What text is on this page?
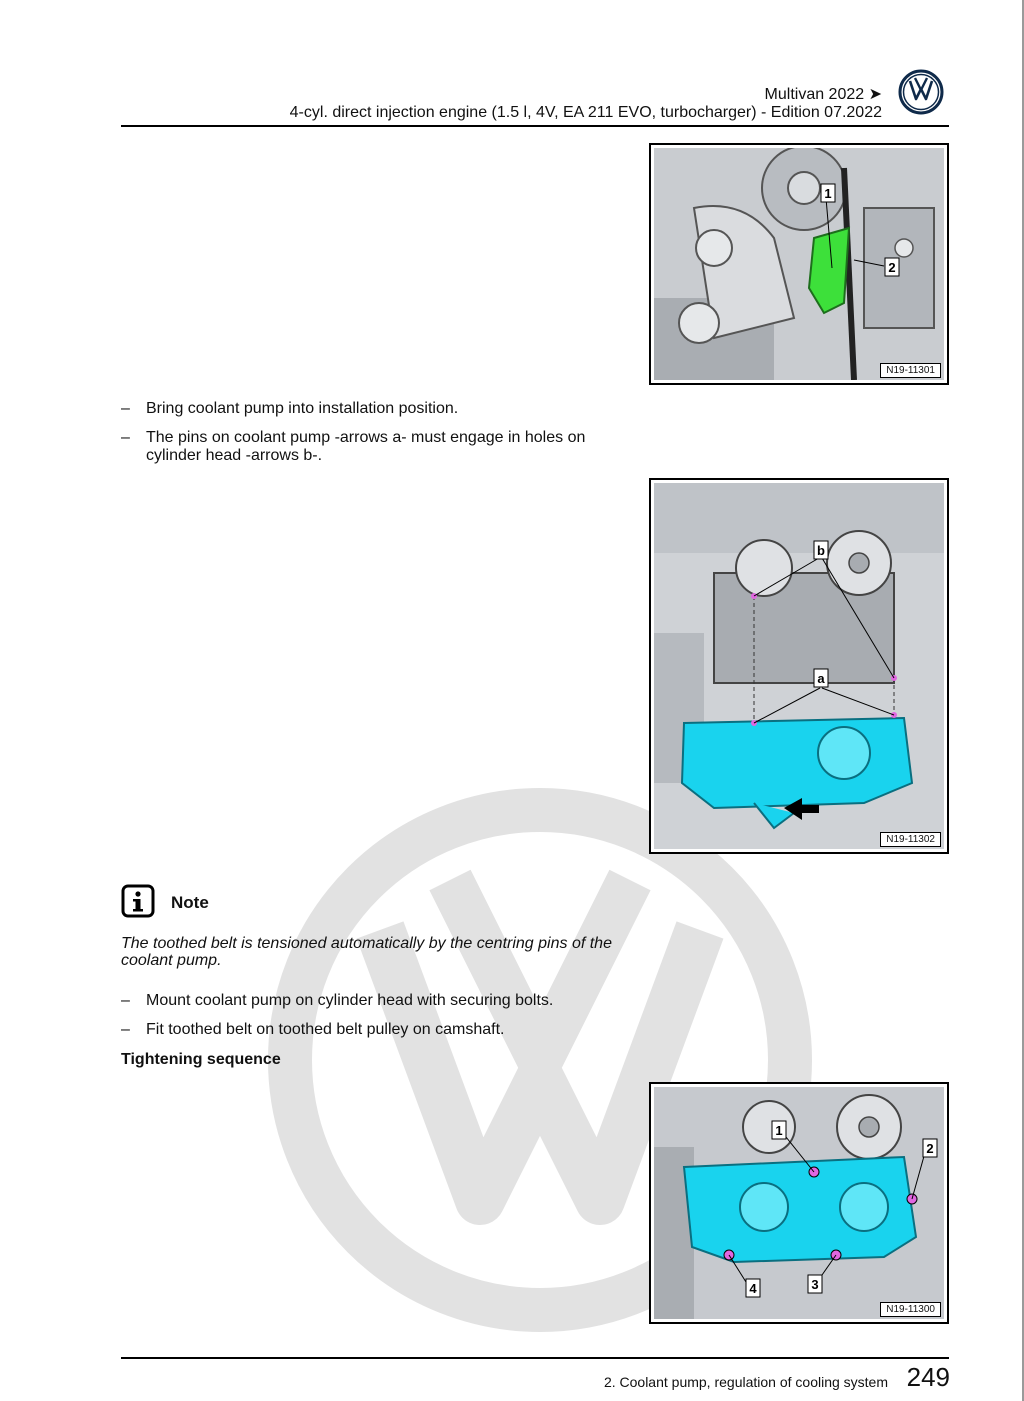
Multivan 2022 ➤
4-cyl. direct injection engine (1.5 l, 4V, EA 211 EVO, turbocharger) - Edition 07.2022
1
2
N19-11301
–	Bring coolant pump into installation position.
–	The pins on coolant pump -arrows a- must engage in holes on cylinder head -arrows b-.
b
a
N19-11302
Note
The toothed belt is tensioned automatically by the centring pins of the coolant pump.
–	Mount coolant pump on cylinder head with securing bolts.
–	Fit toothed belt on toothed belt pulley on camshaft.
Tightening sequence
1
2
3
4
N19-11300
2. Coolant pump, regulation of cooling system 249
